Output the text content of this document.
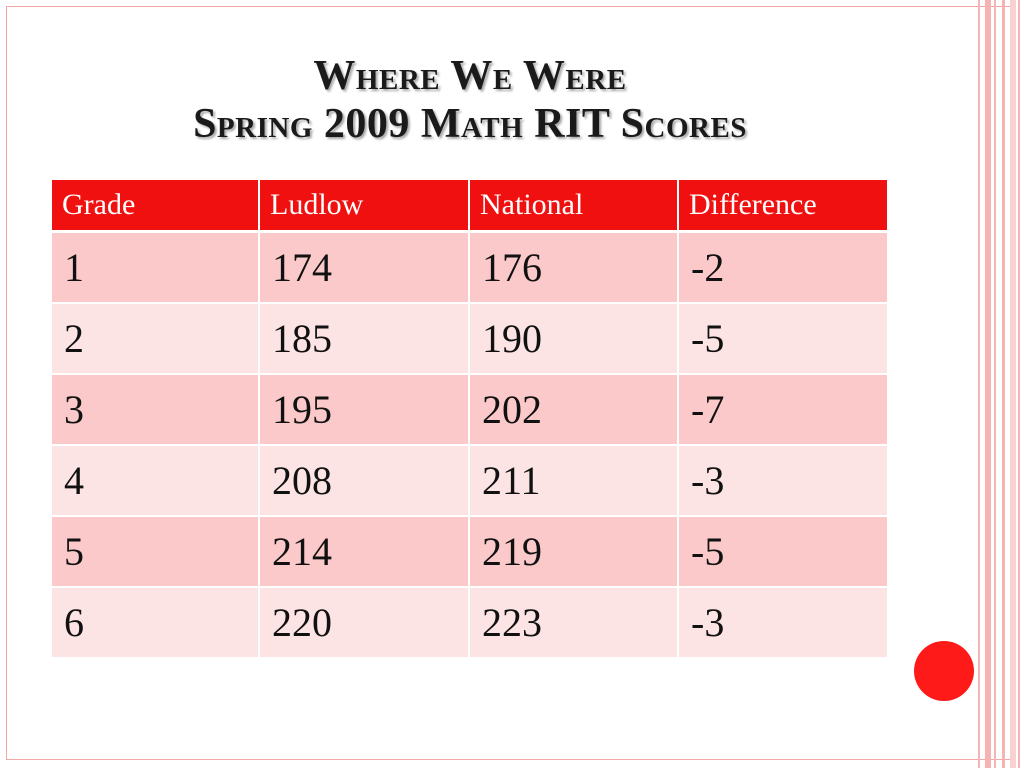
Where We Were
Spring 2009 Math RIT Scores
Grade	Ludlow	National	Difference
1	174	176	-2
2	185	190	-5
3	195	202	-7
4	208	211	-3
5	214	219	-5
6	220	223	-3
